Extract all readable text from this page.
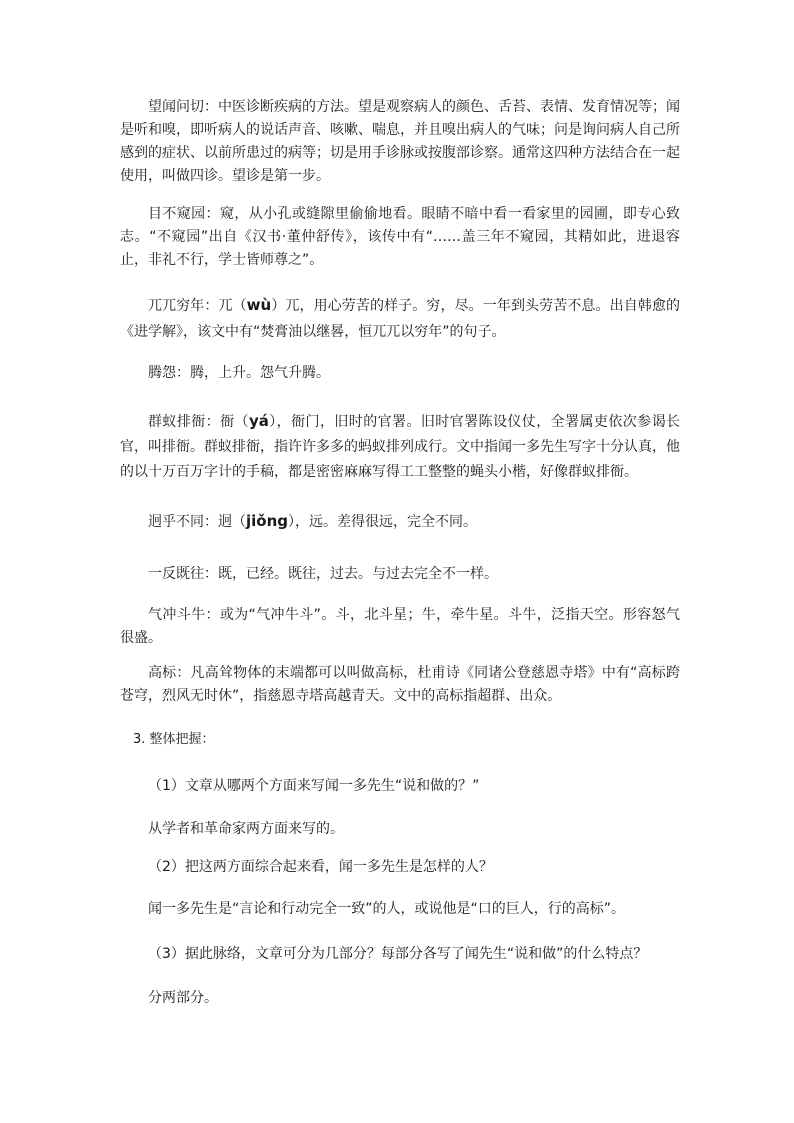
望闻问切：中医诊断疾病的方法。望是观察病人的颜色、舌苔、表情、发育情况等；闻是听和嗅，即听病人的说话声音、咳嗽、喘息，并且嗅出病人的气味；问是询问病人自己所感到的症状、以前所患过的病等；切是用手诊脉或按腹部诊察。通常这四种方法结合在一起使用，叫做四诊。望诊是第一步。

目不窥园：窥，从小孔或缝隙里偷偷地看。眼睛不暗中看一看家里的园圃，即专心致志。“不窥园”出自《汉书·董仲舒传》，该传中有“……盖三年不窥园，其精如此，进退容止，非礼不行，学士皆师尊之”。

兀兀穷年：兀（wù）兀，用心劳苦的样子。穷，尽。一年到头劳苦不息。出自韩愈的《进学解》，该文中有“焚膏油以继晷，恒兀兀以穷年”的句子。

腾怨：腾，上升。怨气升腾。

群蚁排衙：衙（yá），衙门，旧时的官署。旧时官署陈设仪仗，全署属吏依次参谒长官，叫排衙。群蚁排衙，指许许多多的蚂蚁排列成行。文中指闻一多先生写字十分认真，他的以十万百万字计的手稿，都是密密麻麻写得工工整整的蝇头小楷，好像群蚁排衙。

迥乎不同：迥（jiǒng），远。差得很远，完全不同。

一反既往：既，已经。既往，过去。与过去完全不一样。

气冲斗牛：或为“气冲牛斗”。斗，北斗星；牛，牵牛星。斗牛，泛指天空。形容怒气很盛。

高标：凡高耸物体的末端都可以叫做高标，杜甫诗《同诸公登慈恩寺塔》中有“高标跨苍穹，烈风无时休”，指慈恩寺塔高越青天。文中的高标指超群、出众。

3. 整体把握：

（1）文章从哪两个方面来写闻一多先生“说和做的？”

从学者和革命家两方面来写的。

（2）把这两方面综合起来看，闻一多先生是怎样的人？

闻一多先生是“言论和行动完全一致”的人，或说他是“口的巨人，行的高标”。

（3）据此脉络，文章可分为几部分？每部分各写了闻先生“说和做”的什么特点？

分两部分。
